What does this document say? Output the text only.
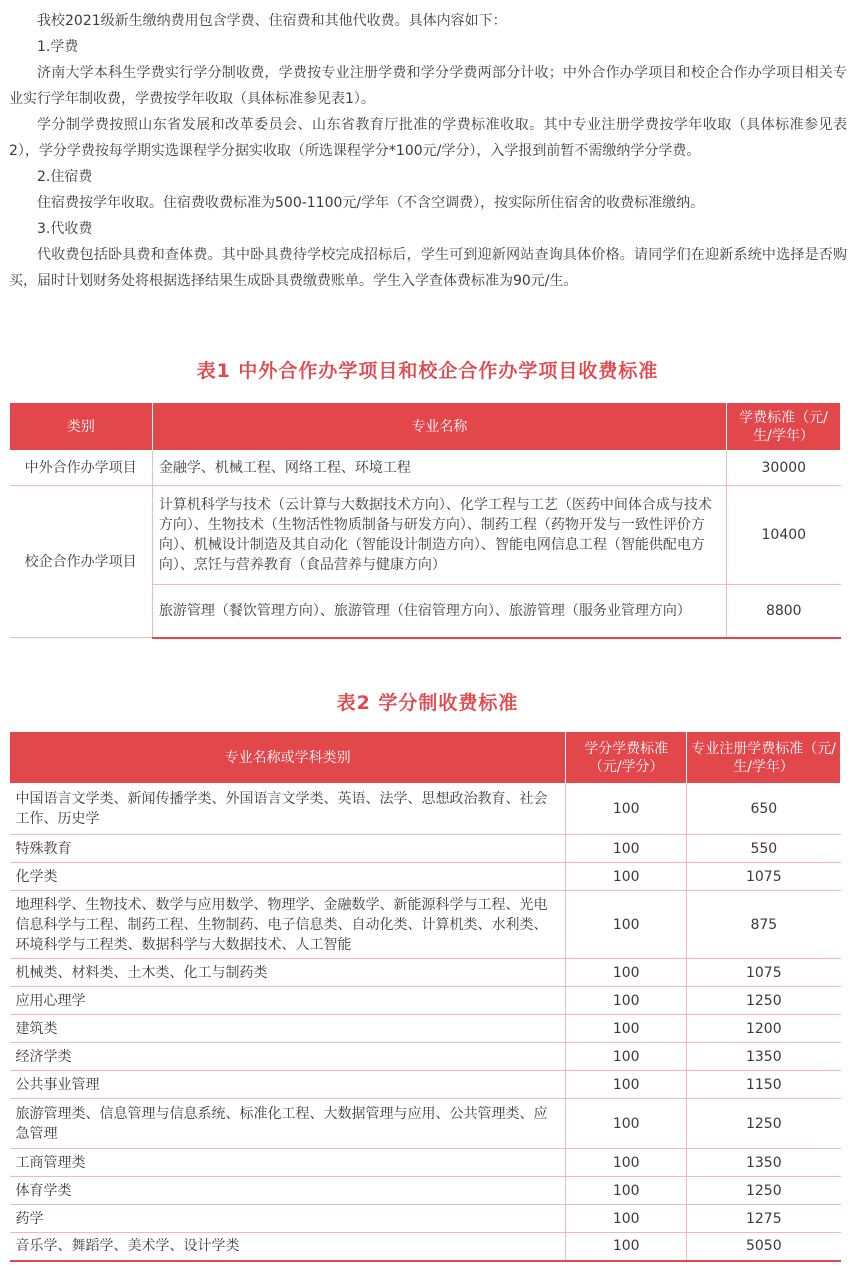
我校2021级新生缴纳费用包含学费、住宿费和其他代收费。具体内容如下：

1.学费

济南大学本科生学费实行学分制收费，学费按专业注册学费和学分学费两部分计收；中外合作办学项目和校企合作办学项目相关专业实行学年制收费，学费按学年收取（具体标准参见表1）。

学分制学费按照山东省发展和改革委员会、山东省教育厅批准的学费标准收取。其中专业注册学费按学年收取（具体标准参见表2），学分学费按每学期实选课程学分据实收取（所选课程学分*100元/学分），入学报到前暂不需缴纳学分学费。

2.住宿费

住宿费按学年收取。住宿费收费标准为500-1100元/学年（不含空调费），按实际所住宿舍的收费标准缴纳。

3.代收费

代收费包括卧具费和查体费。其中卧具费待学校完成招标后，学生可到迎新网站查询具体价格。请同学们在迎新系统中选择是否购买，届时计划财务处将根据选择结果生成卧具费缴费账单。学生入学查体费标准为90元/生。

表1 中外合作办学项目和校企合作办学项目收费标准
类别	专业名称	学费标准（元/生/学年）
中外合作办学项目	金融学、机械工程、网络工程、环境工程	30000
校企合作办学项目	计算机科学与技术（云计算与大数据技术方向）、化学工程与工艺（医药中间体合成与技术方向）、生物技术（生物活性物质制备与研发方向）、制药工程（药物开发与一致性评价方向）、机械设计制造及其自动化（智能设计制造方向）、智能电网信息工程（智能供配电方向）、烹饪与营养教育（食品营养与健康方向）	10400
	旅游管理（餐饮管理方向）、旅游管理（住宿管理方向）、旅游管理（服务业管理方向）	8800
表2 学分制收费标准
专业名称或学科类别	学分学费标准（元/学分）	专业注册学费标准（元/生/学年）
中国语言文学类、新闻传播学类、外国语言文学类、英语、法学、思想政治教育、社会工作、历史学	100	650
特殊教育	100	550
化学类	100	1075
地理科学、生物技术、数学与应用数学、物理学、金融数学、新能源科学与工程、光电信息科学与工程、制药工程、生物制药、电子信息类、自动化类、计算机类、水利类、环境科学与工程类、数据科学与大数据技术、人工智能	100	875
机械类、材料类、土木类、化工与制药类	100	1075
应用心理学	100	1250
建筑类	100	1200
经济学类	100	1350
公共事业管理	100	1150
旅游管理类、信息管理与信息系统、标准化工程、大数据管理与应用、公共管理类、应急管理	100	1250
工商管理类	100	1350
体育学类	100	1250
药学	100	1275
音乐学、舞蹈学、美术学、设计学类	100	5050
